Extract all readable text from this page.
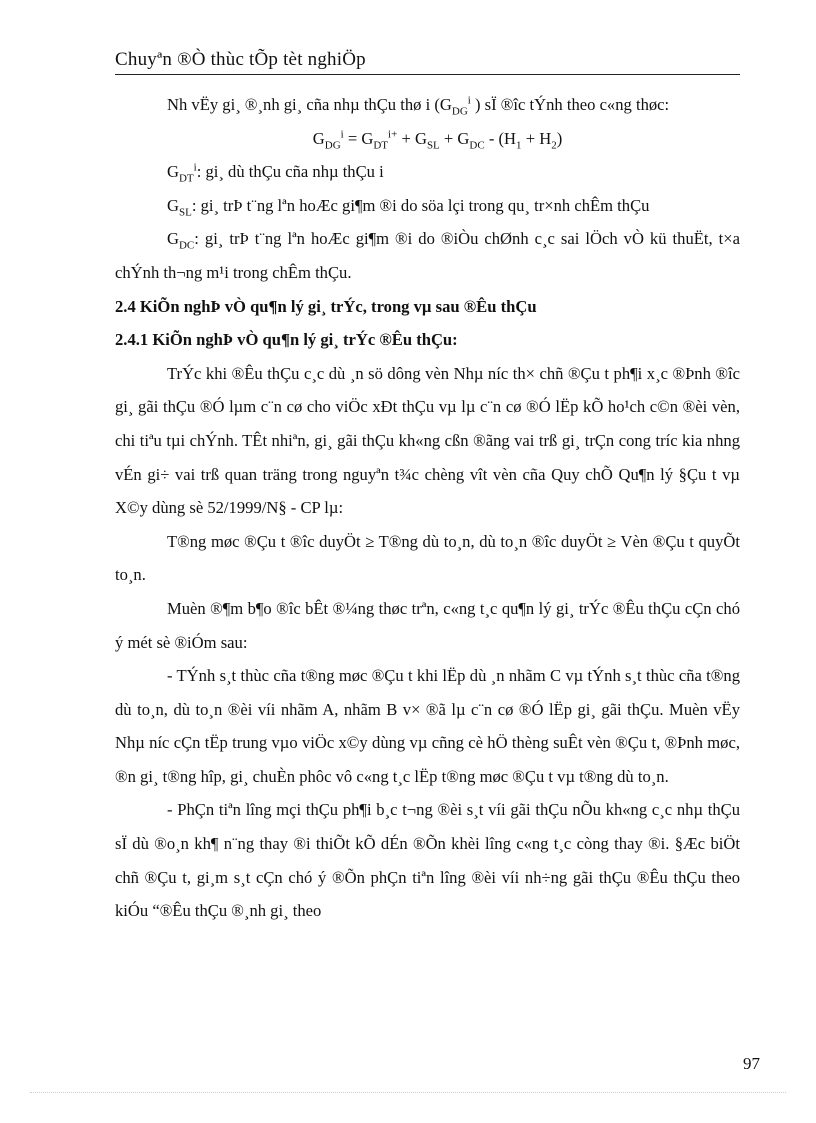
Chuyªn ®Ò thùc tÕp tèt nghiÖp

Nh vËy gi¸ ®¸nh gi¸ cña nhµ thÇu thø i ($G_{DG}^i$ ) sÏ ®îc tÝnh theo c«ng thøc:

$G_{DG}^i = G_{DT}^{i+} + G_{SL} + G_{DC} - (H_1 + H_2)$

$G_{DT}^i$: gi¸ dù thÇu cña nhµ thÇu i

$G_{SL}$: gi¸ trÞ t¨ng lªn hoÆc gi¶m ®i do söa lçi trong qu¸ tr×nh chÊm thÇu

$G_{DC}$: gi¸ trÞ t¨ng lªn hoÆc gi¶m ®i do ®iÒu chØnh c¸c sai lÖch vÒ kü thuËt, t×a chÝnh th¬ng m¹i trong chÊm thÇu.

2.4 KiÕn nghÞ vÒ qu¶n lý gi¸ trÝc, trong vµ sau ®Êu thÇu

2.4.1 KiÕn nghÞ vÒ qu¶n lý gi¸ trÝc ®Êu thÇu:

TrÝc khi ®Êu thÇu c¸c dù ¸n sö dông vèn Nhµ níc th× chñ ®Çu t ph¶i x¸c ®Þnh ®îc gi¸ gãi thÇu ®Ó lµm c¨n cø cho viÖc xÐt thÇu vµ lµ c¨n cø ®Ó lËp kÕ ho¹ch c©n ®èi vèn, chi tiªu tµi chÝnh. TÊt nhiªn, gi¸ gãi thÇu kh«ng cßn ®ãng vai trß gi¸ trÇn cong tríc kia nhng vÉn gi÷ vai trß quan träng trong nguyªn t¾c chèng vît vèn cña Quy chÕ Qu¶n lý §Çu t vµ X©y dùng sè 52/1999/N§ - CP lµ:

T®ng møc ®Çu t ®îc duyÖt ≥ T®ng dù to¸n, dù to¸n ®îc duyÖt ≥ Vèn ®Çu t quyÕt to¸n.

Muèn ®¶m b¶o ®îc bÊt ®¼ng thøc trªn, c«ng t¸c qu¶n lý gi¸ trÝc ®Êu thÇu cÇn chó ý mét sè ®iÓm sau:

- TÝnh s¸t thùc cña t®ng møc ®Çu t khi lËp dù ¸n nhãm C vµ tÝnh s¸t thùc cña t®ng dù to¸n, dù to¸n ®èi víi nhãm A, nhãm B v× ®ã lµ c¨n cø ®Ó lËp gi¸ gãi thÇu. Muèn vËy Nhµ níc cÇn tËp trung vµo viÖc x©y dùng vµ cñng cè hÖ thèng suÊt vèn ®Çu t, ®Þnh møc, ®n gi¸ t®ng hîp, gi¸ chuÈn phôc vô c«ng t¸c lËp t®ng møc ®Çu t vµ t®ng dù to¸n.

- PhÇn tiªn lîng mçi thÇu ph¶i b¸c t¬ng ®èi s¸t víi gãi thÇu nÕu kh«ng c¸c nhµ thÇu sÏ dù ®o¸n kh¶ n¨ng thay ®i thiÕt kÕ dÉn ®Õn khèi lîng c«ng t¸c còng thay ®i. §Æc biÖt chñ ®Çu t, gi¸m s¸t cÇn chó ý ®Õn phÇn tiªn lîng ®èi víi nh÷ng gãi thÇu ®Êu thÇu theo kiÓu “®Êu thÇu ®¸nh gi¸ theo

97
